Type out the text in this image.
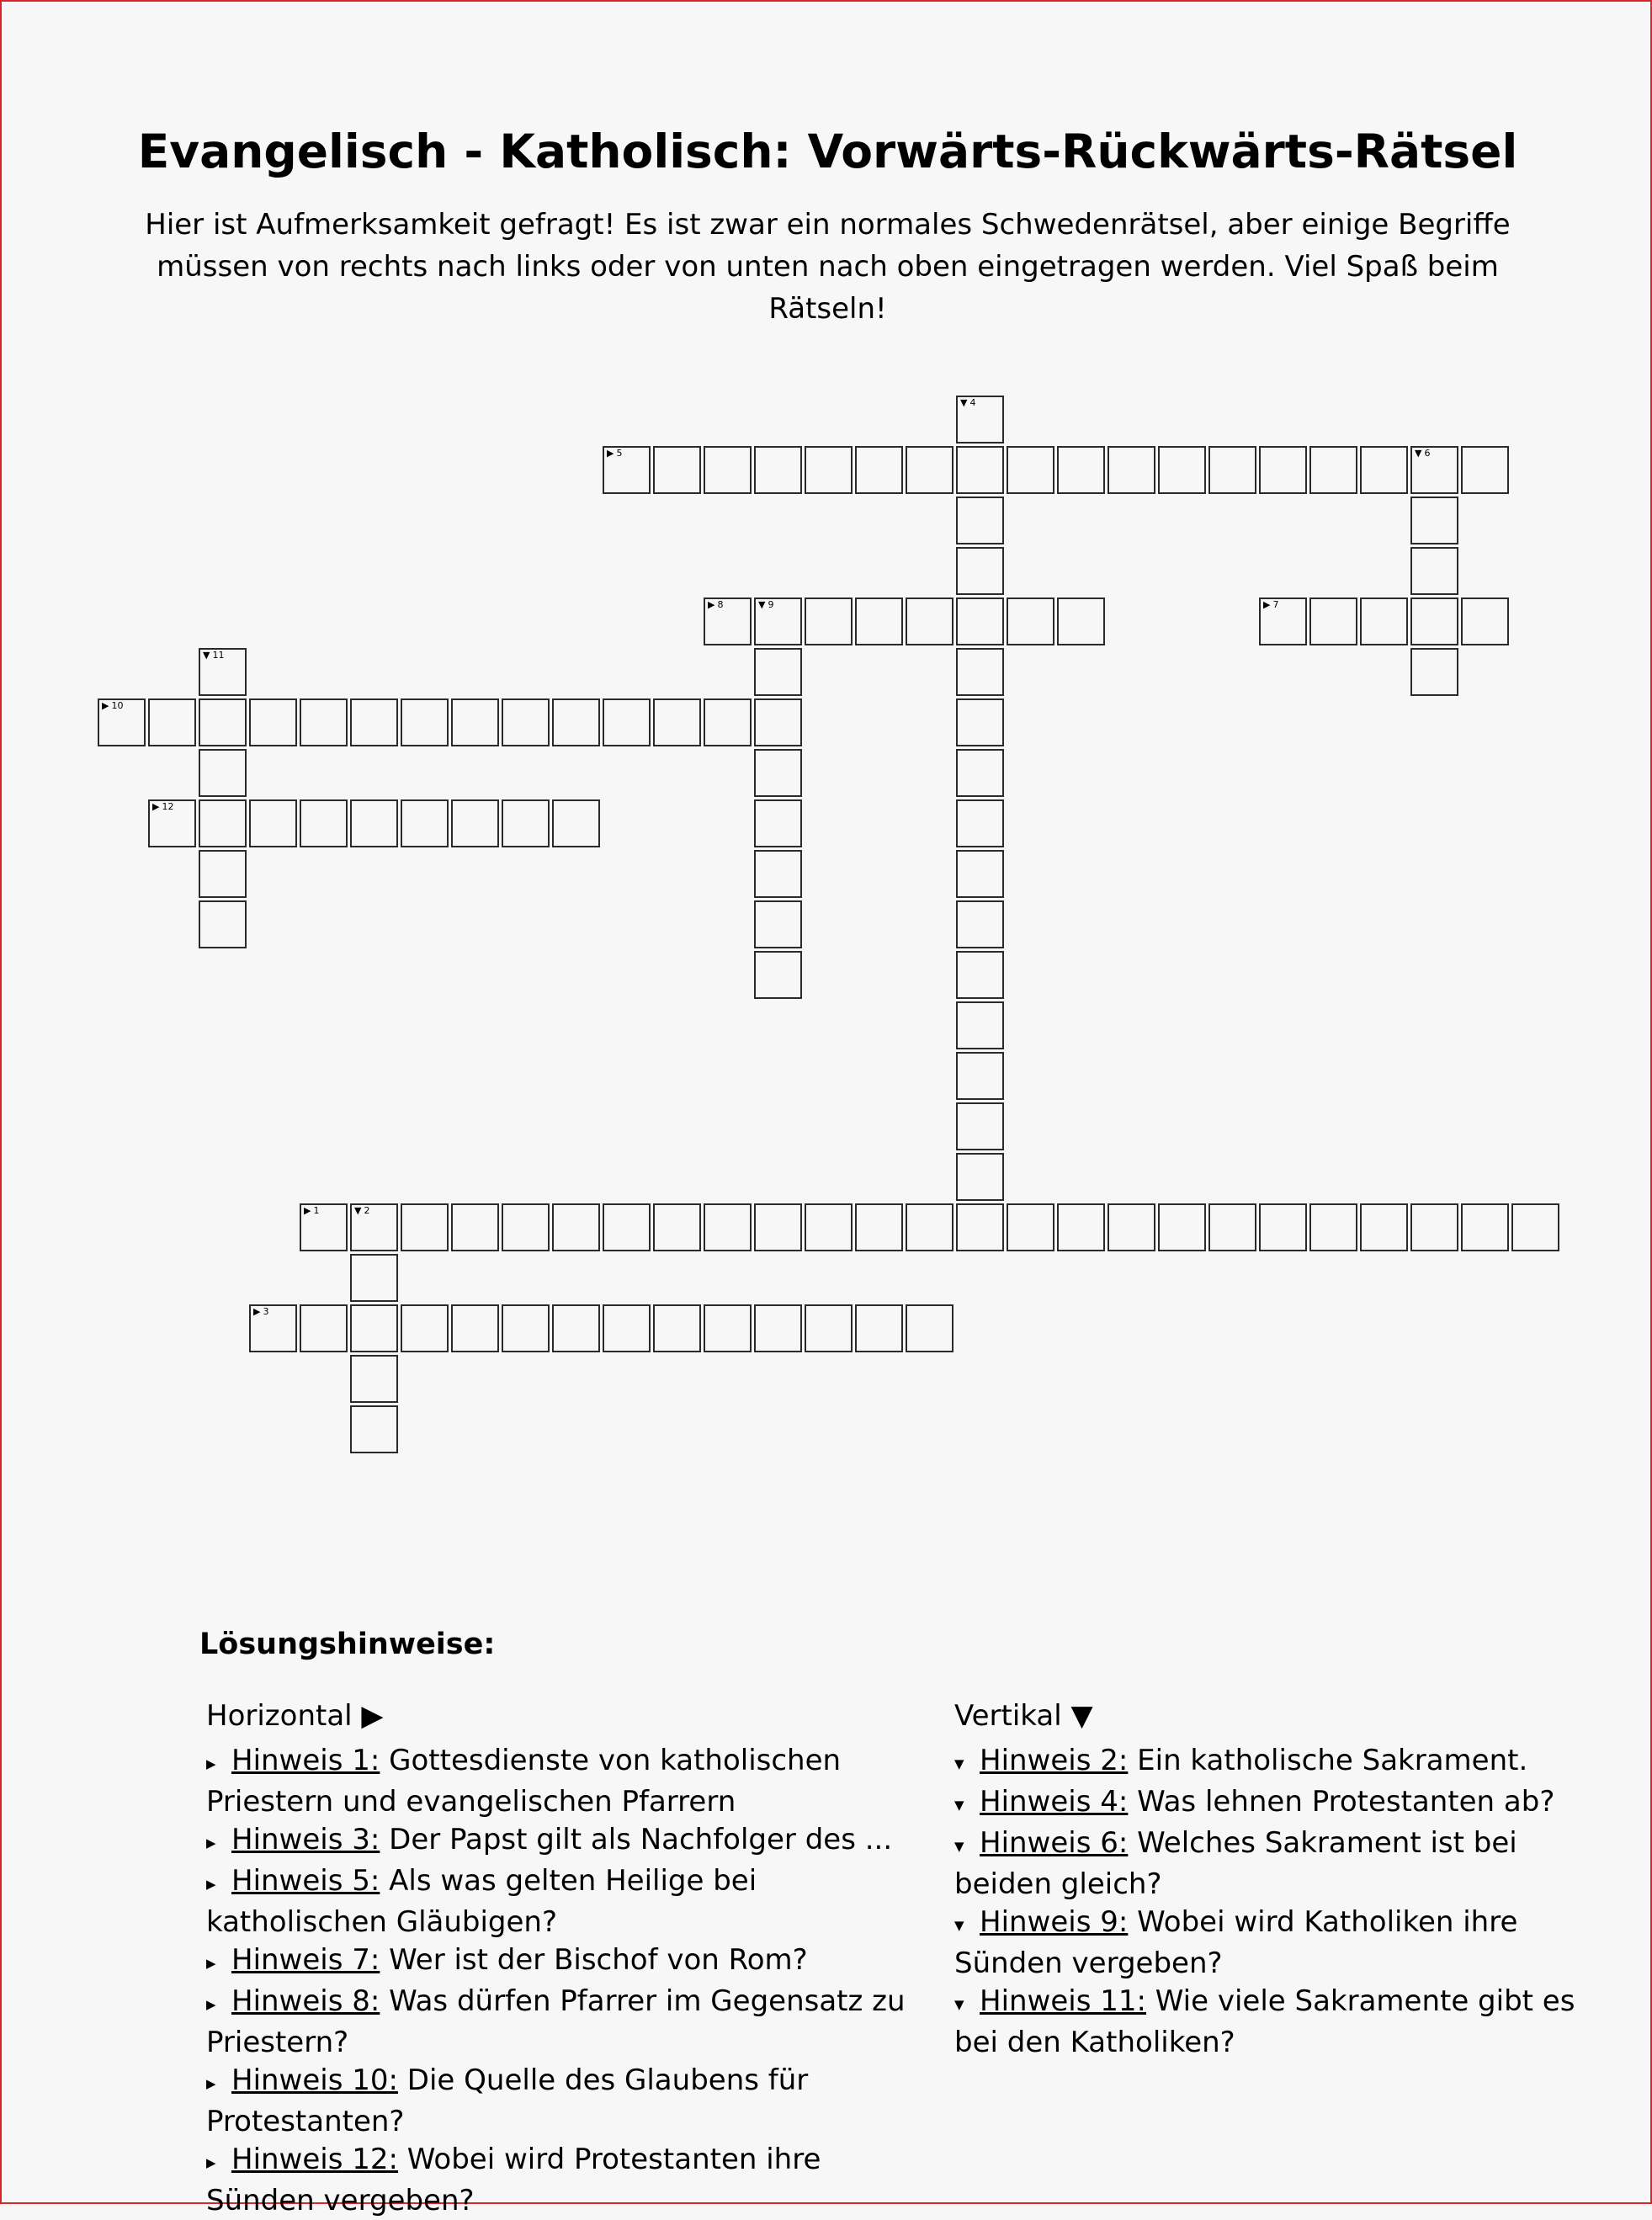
Evangelisch - Katholisch: Vorwärts-Rückwärts-Rätsel
Hier ist Aufmerksamkeit gefragt! Es ist zwar ein normales Schwedenrätsel, aber einige Begriffe müssen von rechts nach links oder von unten nach oben eingetragen werden. Viel Spaß beim Rätseln!
▶ 1	▼ 2
▶ 3
▼ 4
▶ 5	▼ 6
▶ 7
▶ 8	▼ 9
▶ 10
▼ 11
▶ 12
Lösungshinweise:
Horizontal ▶
▶ Hinweis 1: Gottesdienste von katholischen Priestern und evangelischen Pfarrern
▶ Hinweis 3: Der Papst gilt als Nachfolger des ...
▶ Hinweis 5: Als was gelten Heilige bei katholischen Gläubigen?
▶ Hinweis 7: Wer ist der Bischof von Rom?
▶ Hinweis 8: Was dürfen Pfarrer im Gegensatz zu Priestern?
▶ Hinweis 10: Die Quelle des Glaubens für Protestanten?
▶ Hinweis 12: Wobei wird Protestanten ihre Sünden vergeben?
Vertikal ▼
▼ Hinweis 2: Ein katholische Sakrament.
▼ Hinweis 4: Was lehnen Protestanten ab?
▼ Hinweis 6: Welches Sakrament ist bei beiden gleich?
▼ Hinweis 9: Wobei wird Katholiken ihre Sünden vergeben?
▼ Hinweis 11: Wie viele Sakramente gibt es bei den Katholiken?
